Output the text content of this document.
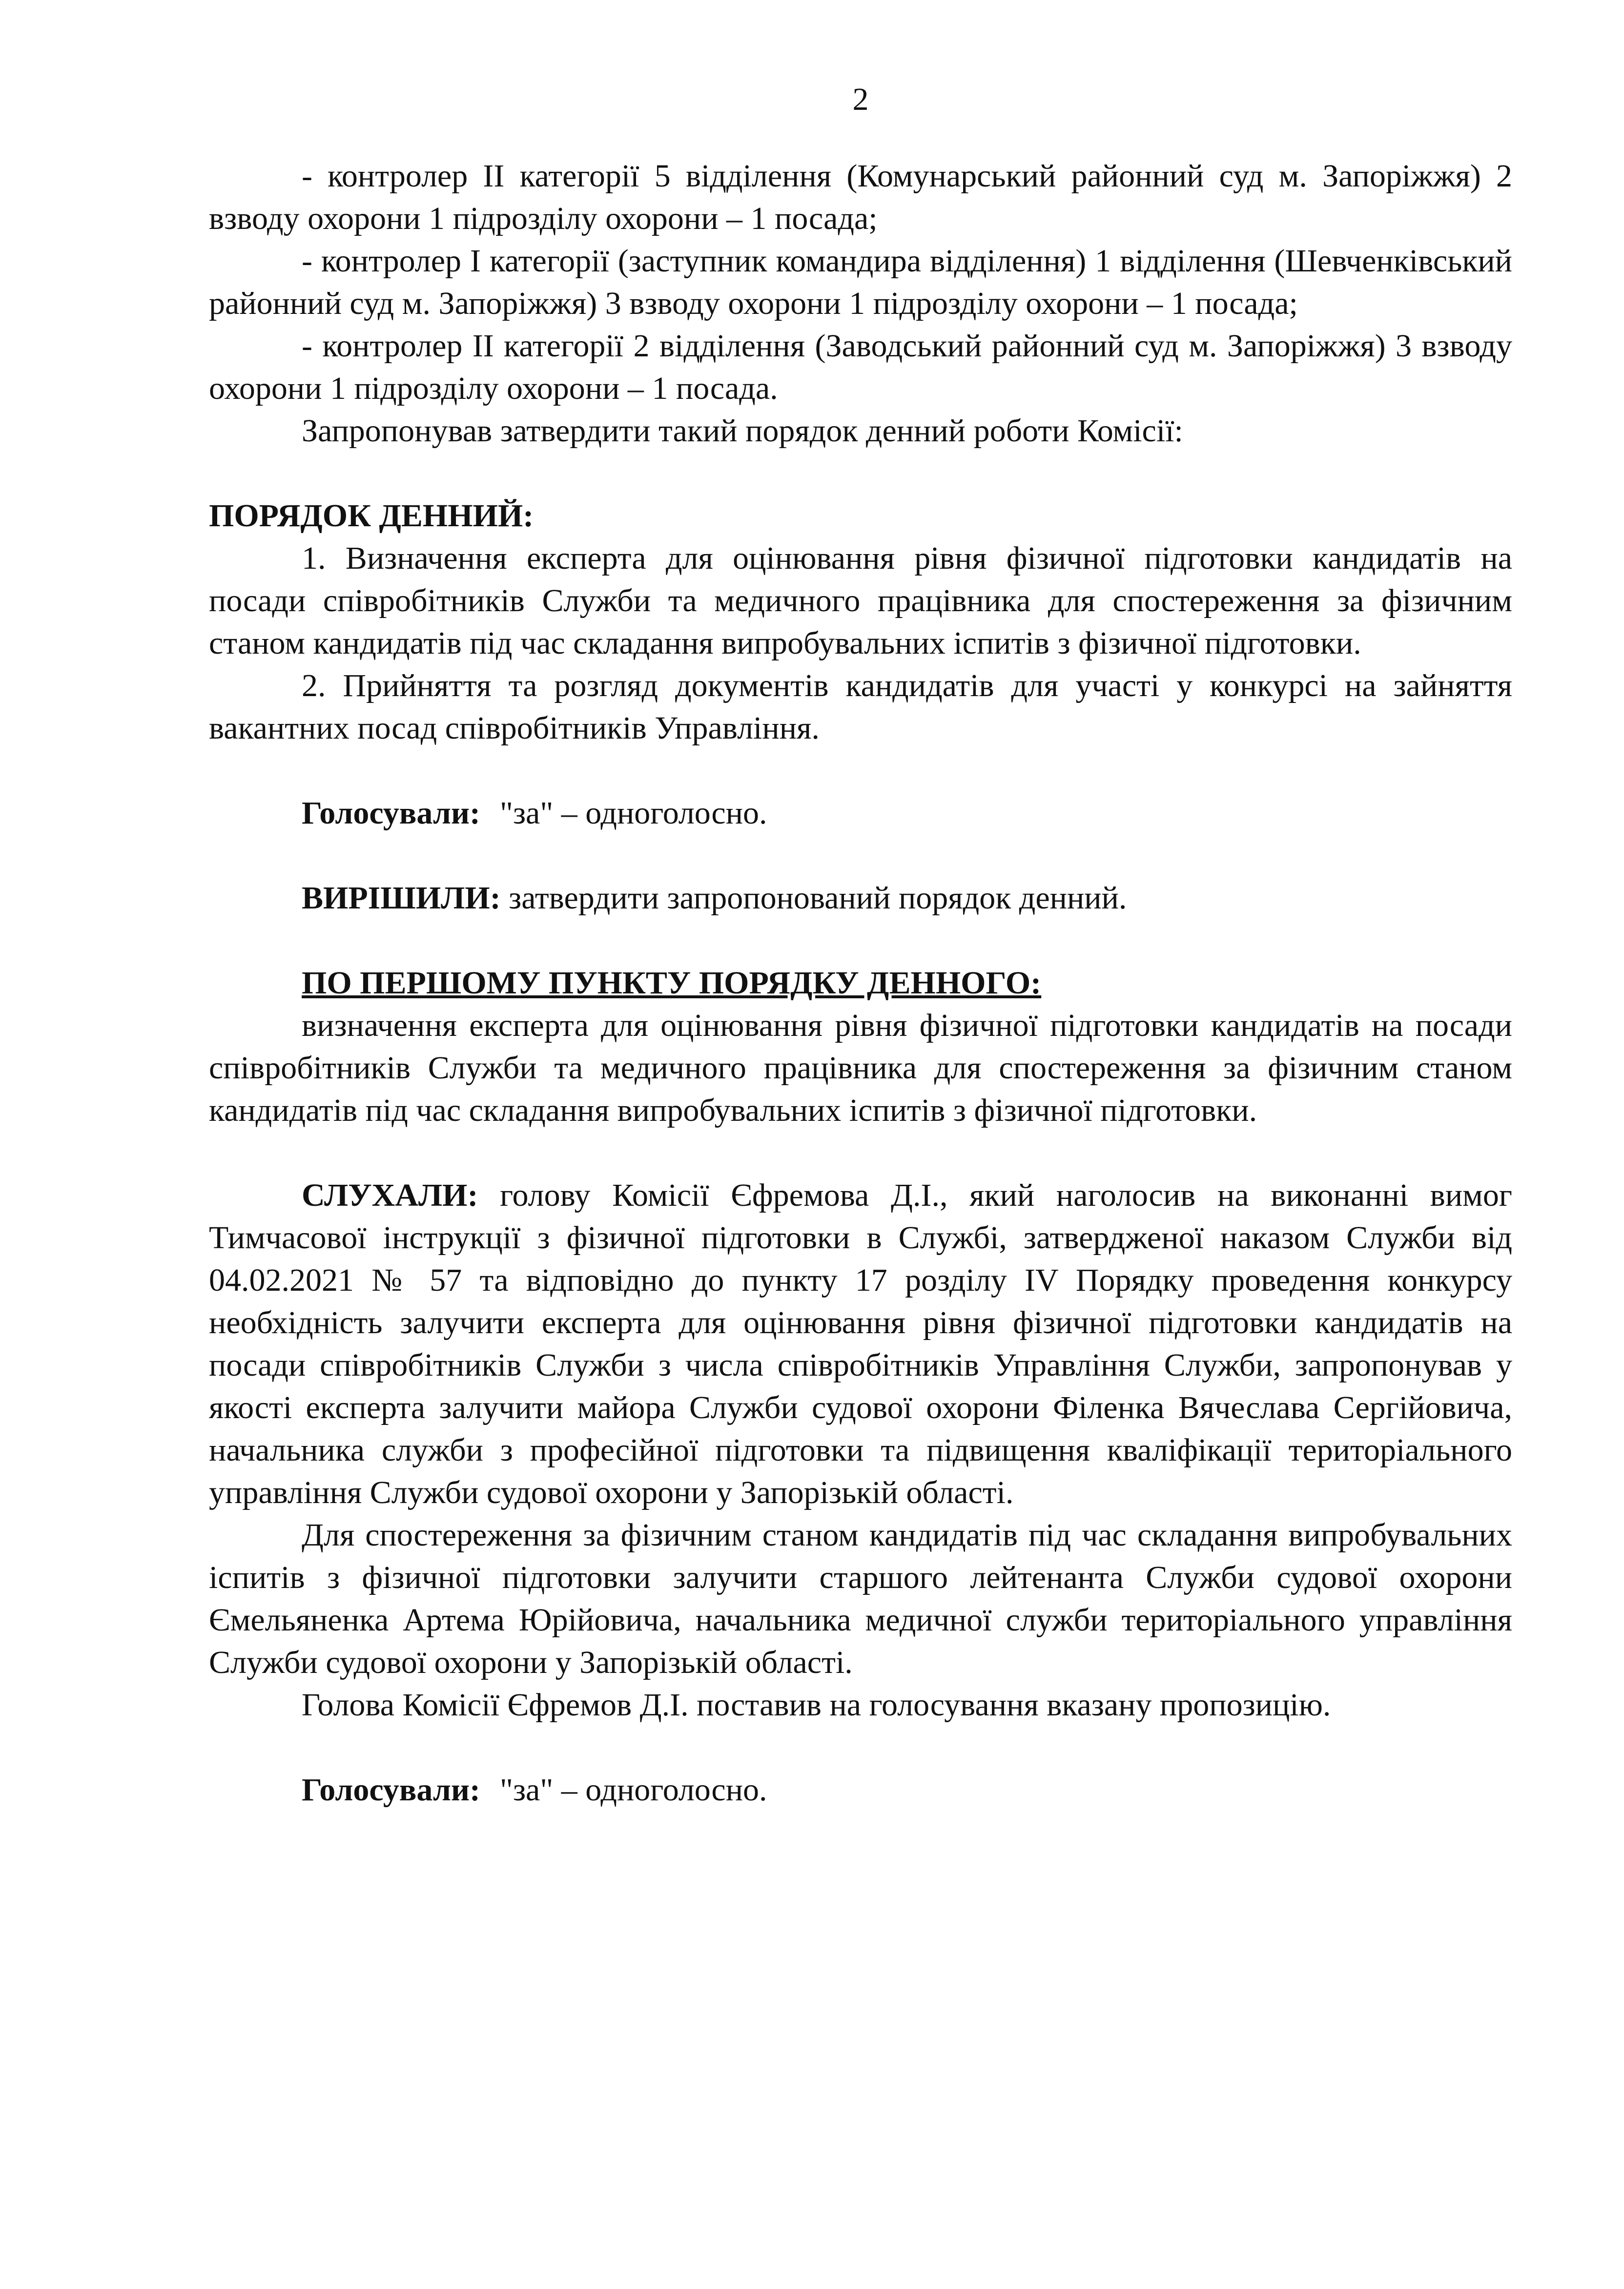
2

- контролер II категорії 5 відділення (Комунарський районний суд м. Запоріжжя) 2 взводу охорони 1 підрозділу охорони – 1 посада;

- контролер I категорії (заступник командира відділення) 1 відділення (Шевченківський районний суд м. Запоріжжя) 3 взводу охорони 1 підрозділу охорони – 1 посада;

- контролер II категорії 2 відділення (Заводський районний суд м. Запоріжжя) 3 взводу охорони 1 підрозділу охорони – 1 посада.

Запропонував затвердити такий порядок денний роботи Комісії:

ПОРЯДОК ДЕННИЙ:

1. Визначення експерта для оцінювання рівня фізичної підготовки кандидатів на посади співробітників Служби та медичного працівника для спостереження за фізичним станом кандидатів під час складання випробувальних іспитів з фізичної підготовки.

2. Прийняття та розгляд документів кандидатів для участі у конкурсі на зайняття вакантних посад співробітників Управління.

Голосували: "за" – одноголосно.

ВИРІШИЛИ: затвердити запропонований порядок денний.

ПО ПЕРШОМУ ПУНКТУ ПОРЯДКУ ДЕННОГО:

визначення експерта для оцінювання рівня фізичної підготовки кандидатів на посади співробітників Служби та медичного працівника для спостереження за фізичним станом кандидатів під час складання випробувальних іспитів з фізичної підготовки.

СЛУХАЛИ: голову Комісії Єфремова Д.І., який наголосив на виконанні вимог Тимчасової інструкції з фізичної підготовки в Службі, затвердженої наказом Служби від 04.02.2021 № 57 та відповідно до пункту 17 розділу IV Порядку проведення конкурсу необхідність залучити експерта для оцінювання рівня фізичної підготовки кандидатів на посади співробітників Служби з числа співробітників Управління Служби, запропонував у якості експерта залучити майора Служби судової охорони Філенка Вячеслава Сергійовича, начальника служби з професійної підготовки та підвищення кваліфікації територіального управління Служби судової охорони у Запорізькій області.

Для спостереження за фізичним станом кандидатів під час складання випробувальних іспитів з фізичної підготовки залучити старшого лейтенанта Служби судової охорони Ємельяненка Артема Юрійовича, начальника медичної служби територіального управління Служби судової охорони у Запорізькій області.

Голова Комісії Єфремов Д.І. поставив на голосування вказану пропозицію.

Голосували: "за" – одноголосно.
